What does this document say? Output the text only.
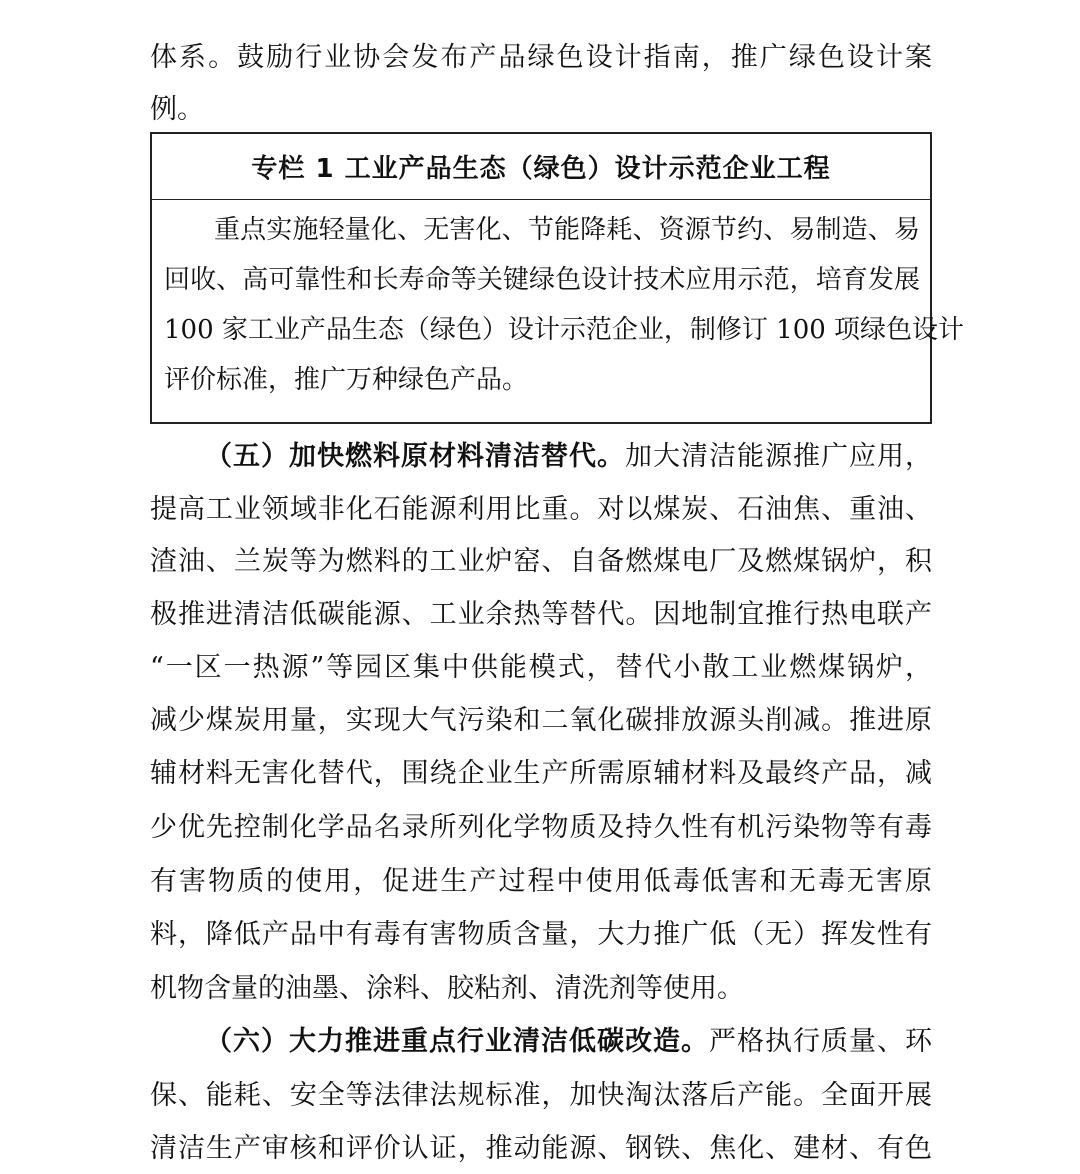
体系。鼓励行业协会发布产品绿色设计指南，推广绿色设计案
例。
专栏 1 工业产品生态（绿色）设计示范企业工程
重点实施轻量化、无害化、节能降耗、资源节约、易制造、易
回收、高可靠性和长寿命等关键绿色设计技术应用示范，培育发展
100 家工业产品生态（绿色）设计示范企业，制修订 100 项绿色设计
评价标准，推广万种绿色产品。
（五）加快燃料原材料清洁替代。加大清洁能源推广应用，
提高工业领域非化石能源利用比重。对以煤炭、石油焦、重油、
渣油、兰炭等为燃料的工业炉窑、自备燃煤电厂及燃煤锅炉，积
极推进清洁低碳能源、工业余热等替代。因地制宜推行热电联产
“一区一热源”等园区集中供能模式，替代小散工业燃煤锅炉，
减少煤炭用量，实现大气污染和二氧化碳排放源头削减。推进原
辅材料无害化替代，围绕企业生产所需原辅材料及最终产品，减
少优先控制化学品名录所列化学物质及持久性有机污染物等有毒
有害物质的使用，促进生产过程中使用低毒低害和无毒无害原
料，降低产品中有毒有害物质含量，大力推广低（无）挥发性有
机物含量的油墨、涂料、胶粘剂、清洗剂等使用。
（六）大力推进重点行业清洁低碳改造。严格执行质量、环
保、能耗、安全等法律法规标准，加快淘汰落后产能。全面开展
清洁生产审核和评价认证，推动能源、钢铁、焦化、建材、有色
